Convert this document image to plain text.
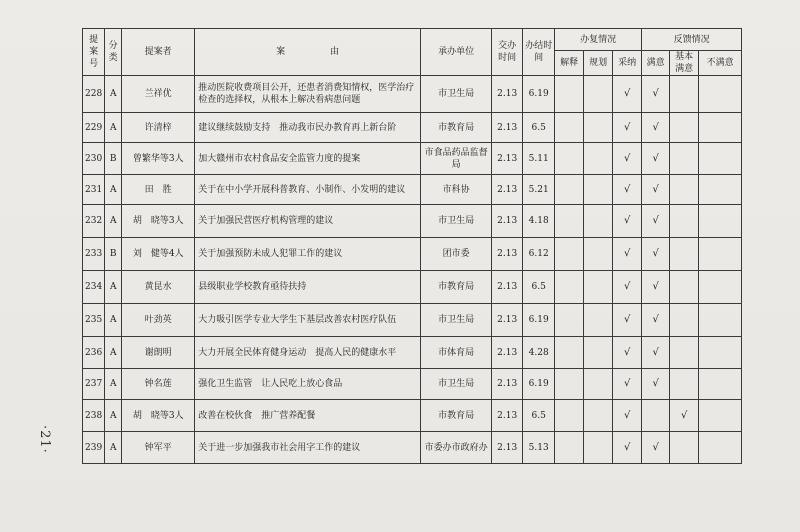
·21·
提案号	分类	提案者	案　　　　　由	承办单位	交办时间	办结时间	办复情况			反馈情况		
							解释	规划	采纳	满意	基本满意	不满意
228	A	兰祥优	推动医院收费项目公开，还患者消费知情权，医学治疗检查的选择权，从根本上解决看病患问题	市卫生局	2.13	6.19			√	√		
229	A	许清梓	建议继续鼓励支持　推动我市民办教育再上新台阶	市教育局	2.13	6.5			√	√		
230	B	曾繁华等3人	加大赣州市农村食品安全监管力度的提案	市食品药品监督局	2.13	5.11			√	√		
231	A	田　胜	关于在中小学开展科普教育、小制作、小发明的建议	市科协	2.13	5.21			√	√		
232	A	胡　晓等3人	关于加强民营医疗机构管理的建议	市卫生局	2.13	4.18			√	√		
233	B	刘　健等4人	关于加强预防未成人犯罪工作的建议	团市委	2.13	6.12			√	√		
234	A	黄昆水	县级职业学校教育亟待扶持	市教育局	2.13	6.5			√	√		
235	A	叶劲英	大力吸引医学专业大学生下基层改善农村医疗队伍	市卫生局	2.13	6.19			√	√		
236	A	谢朗明	大力开展全民体育健身运动　提高人民的健康水平	市体育局	2.13	4.28			√	√		
237	A	钟名莲	强化卫生监管　让人民吃上放心食品	市卫生局	2.13	6.19			√	√		
238	A	胡　晓等3人	改善在校伙食　推广营养配餐	市教育局	2.13	6.5			√		√	
239	A	钟军平	关于进一步加强我市社会用字工作的建议	市委办市政府办	2.13	5.13			√	√		
